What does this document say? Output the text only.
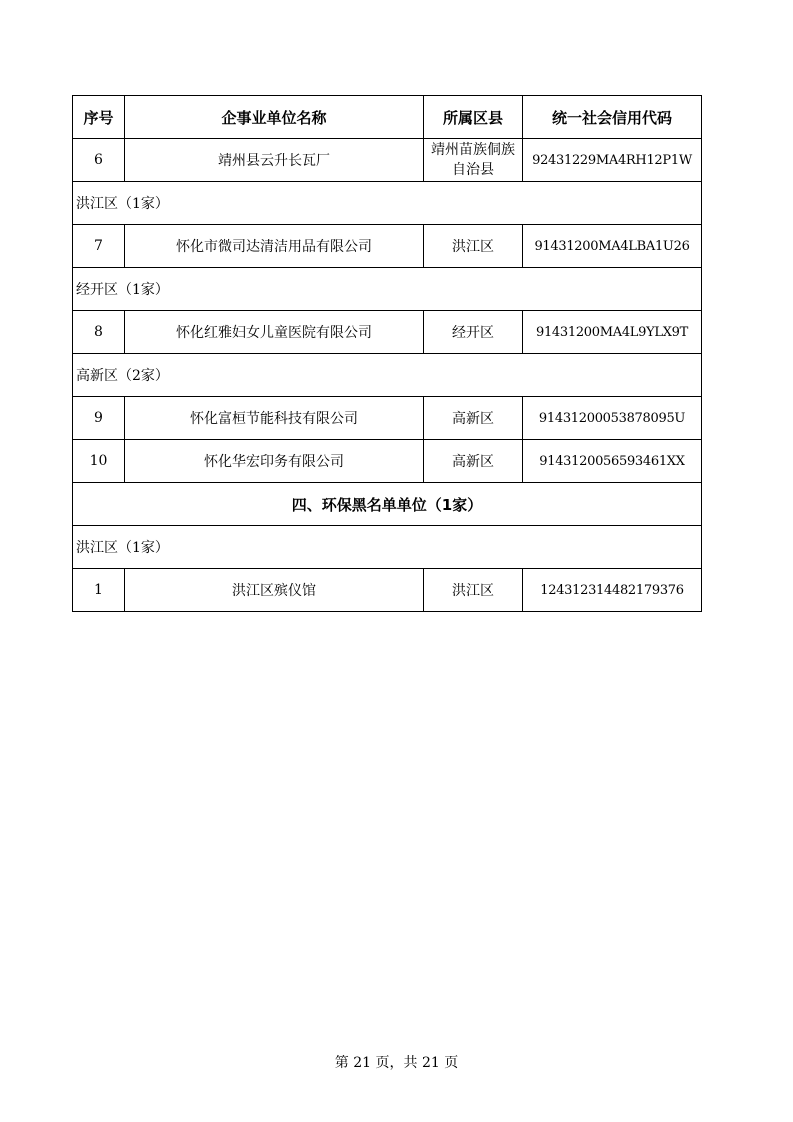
序号	企事业单位名称	所属区县	统一社会信用代码
6	靖州县云升长瓦厂	靖州苗族侗族自治县	92431229MA4RH12P1W
洪江区（1家）			
7	怀化市微司达清洁用品有限公司	洪江区	91431200MA4LBA1U26
经开区（1家）			
8	怀化红雅妇女儿童医院有限公司	经开区	91431200MA4L9YLX9T
高新区（2家）			
9	怀化富桓节能科技有限公司	高新区	91431200053878095U
10	怀化华宏印务有限公司	高新区	9143120056593461XX
四、环保黑名单单位（1家）			
洪江区（1家）			
1	洪江区殡仪馆	洪江区	124312314482179376
第 21 页，共 21 页
